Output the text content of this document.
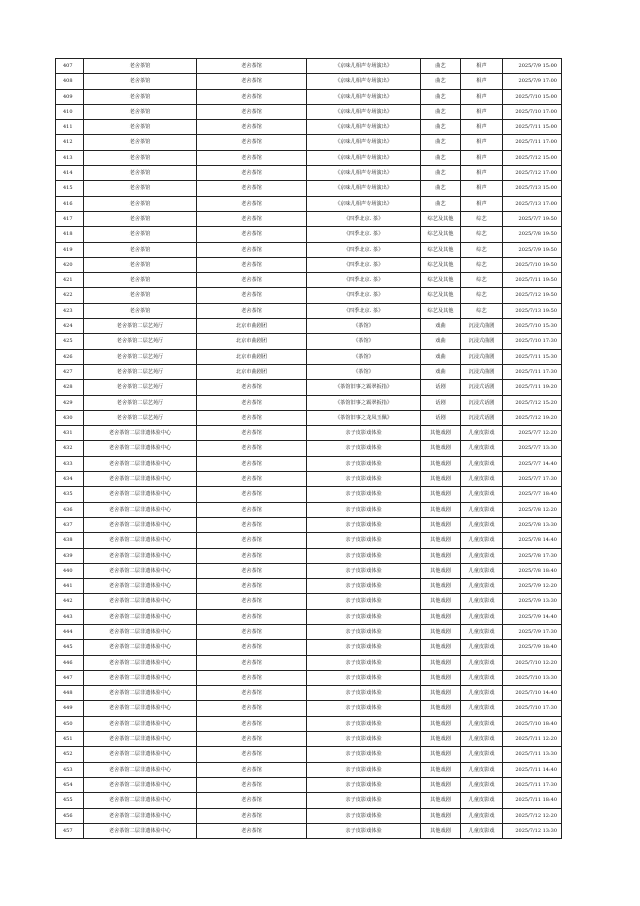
407	老舍茶馆	老舍茶馆	《京味儿相声专场演出》	曲艺	相声	2025/7/9 15:00
408	老舍茶馆	老舍茶馆	《京味儿相声专场演出》	曲艺	相声	2025/7/9 17:00
409	老舍茶馆	老舍茶馆	《京味儿相声专场演出》	曲艺	相声	2025/7/10 15:00
410	老舍茶馆	老舍茶馆	《京味儿相声专场演出》	曲艺	相声	2025/7/10 17:00
411	老舍茶馆	老舍茶馆	《京味儿相声专场演出》	曲艺	相声	2025/7/11 15:00
412	老舍茶馆	老舍茶馆	《京味儿相声专场演出》	曲艺	相声	2025/7/11 17:00
413	老舍茶馆	老舍茶馆	《京味儿相声专场演出》	曲艺	相声	2025/7/12 15:00
414	老舍茶馆	老舍茶馆	《京味儿相声专场演出》	曲艺	相声	2025/7/12 17:00
415	老舍茶馆	老舍茶馆	《京味儿相声专场演出》	曲艺	相声	2025/7/13 15:00
416	老舍茶馆	老舍茶馆	《京味儿相声专场演出》	曲艺	相声	2025/7/13 17:00
417	老舍茶馆	老舍茶馆	《四季北京. 茶》	综艺及其他	综艺	2025/7/7 19:50
418	老舍茶馆	老舍茶馆	《四季北京. 茶》	综艺及其他	综艺	2025/7/8 19:50
419	老舍茶馆	老舍茶馆	《四季北京. 茶》	综艺及其他	综艺	2025/7/9 19:50
420	老舍茶馆	老舍茶馆	《四季北京. 茶》	综艺及其他	综艺	2025/7/10 19:50
421	老舍茶馆	老舍茶馆	《四季北京. 茶》	综艺及其他	综艺	2025/7/11 19:50
422	老舍茶馆	老舍茶馆	《四季北京. 茶》	综艺及其他	综艺	2025/7/12 19:50
423	老舍茶馆	老舍茶馆	《四季北京. 茶》	综艺及其他	综艺	2025/7/13 19:50
424	老舍茶馆二层艺苑厅	北京市曲剧团	《茶馆》	戏曲	沉浸式曲剧	2025/7/10 15:30
425	老舍茶馆二层艺苑厅	北京市曲剧团	《茶馆》	戏曲	沉浸式曲剧	2025/7/10 17:30
426	老舍茶馆二层艺苑厅	北京市曲剧团	《茶馆》	戏曲	沉浸式曲剧	2025/7/11 15:30
427	老舍茶馆二层艺苑厅	北京市曲剧团	《茶馆》	戏曲	沉浸式曲剧	2025/7/11 17:30
428	老舍茶馆二层艺苑厅	老舍茶馆	《茶馆旧事之霸翠扳指》	话剧	沉浸式话剧	2025/7/11 19:20
429	老舍茶馆二层艺苑厅	老舍茶馆	《茶馆旧事之霸翠扳指》	话剧	沉浸式话剧	2025/7/12 15:20
430	老舍茶馆二层艺苑厅	老舍茶馆	《茶馆旧事之龙凤玉佩》	话剧	沉浸式话剧	2025/7/12 19:20
431	老舍茶馆二层非遗体验中心	老舍茶馆	亲子皮影戏体验	其他戏剧	儿童皮影戏	2025/7/7 12:20
432	老舍茶馆二层非遗体验中心	老舍茶馆	亲子皮影戏体验	其他戏剧	儿童皮影戏	2025/7/7 13:30
433	老舍茶馆二层非遗体验中心	老舍茶馆	亲子皮影戏体验	其他戏剧	儿童皮影戏	2025/7/7 14:40
434	老舍茶馆二层非遗体验中心	老舍茶馆	亲子皮影戏体验	其他戏剧	儿童皮影戏	2025/7/7 17:30
435	老舍茶馆二层非遗体验中心	老舍茶馆	亲子皮影戏体验	其他戏剧	儿童皮影戏	2025/7/7 18:40
436	老舍茶馆二层非遗体验中心	老舍茶馆	亲子皮影戏体验	其他戏剧	儿童皮影戏	2025/7/8 12:20
437	老舍茶馆二层非遗体验中心	老舍茶馆	亲子皮影戏体验	其他戏剧	儿童皮影戏	2025/7/8 13:30
438	老舍茶馆二层非遗体验中心	老舍茶馆	亲子皮影戏体验	其他戏剧	儿童皮影戏	2025/7/8 14:40
439	老舍茶馆二层非遗体验中心	老舍茶馆	亲子皮影戏体验	其他戏剧	儿童皮影戏	2025/7/8 17:30
440	老舍茶馆二层非遗体验中心	老舍茶馆	亲子皮影戏体验	其他戏剧	儿童皮影戏	2025/7/8 18:40
441	老舍茶馆二层非遗体验中心	老舍茶馆	亲子皮影戏体验	其他戏剧	儿童皮影戏	2025/7/9 12:20
442	老舍茶馆二层非遗体验中心	老舍茶馆	亲子皮影戏体验	其他戏剧	儿童皮影戏	2025/7/9 13:30
443	老舍茶馆二层非遗体验中心	老舍茶馆	亲子皮影戏体验	其他戏剧	儿童皮影戏	2025/7/9 14:40
444	老舍茶馆二层非遗体验中心	老舍茶馆	亲子皮影戏体验	其他戏剧	儿童皮影戏	2025/7/9 17:30
445	老舍茶馆二层非遗体验中心	老舍茶馆	亲子皮影戏体验	其他戏剧	儿童皮影戏	2025/7/9 18:40
446	老舍茶馆二层非遗体验中心	老舍茶馆	亲子皮影戏体验	其他戏剧	儿童皮影戏	2025/7/10 12:20
447	老舍茶馆二层非遗体验中心	老舍茶馆	亲子皮影戏体验	其他戏剧	儿童皮影戏	2025/7/10 13:30
448	老舍茶馆二层非遗体验中心	老舍茶馆	亲子皮影戏体验	其他戏剧	儿童皮影戏	2025/7/10 14:40
449	老舍茶馆二层非遗体验中心	老舍茶馆	亲子皮影戏体验	其他戏剧	儿童皮影戏	2025/7/10 17:30
450	老舍茶馆二层非遗体验中心	老舍茶馆	亲子皮影戏体验	其他戏剧	儿童皮影戏	2025/7/10 18:40
451	老舍茶馆二层非遗体验中心	老舍茶馆	亲子皮影戏体验	其他戏剧	儿童皮影戏	2025/7/11 12:20
452	老舍茶馆二层非遗体验中心	老舍茶馆	亲子皮影戏体验	其他戏剧	儿童皮影戏	2025/7/11 13:30
453	老舍茶馆二层非遗体验中心	老舍茶馆	亲子皮影戏体验	其他戏剧	儿童皮影戏	2025/7/11 14:40
454	老舍茶馆二层非遗体验中心	老舍茶馆	亲子皮影戏体验	其他戏剧	儿童皮影戏	2025/7/11 17:30
455	老舍茶馆二层非遗体验中心	老舍茶馆	亲子皮影戏体验	其他戏剧	儿童皮影戏	2025/7/11 18:40
456	老舍茶馆二层非遗体验中心	老舍茶馆	亲子皮影戏体验	其他戏剧	儿童皮影戏	2025/7/12 12:20
457	老舍茶馆二层非遗体验中心	老舍茶馆	亲子皮影戏体验	其他戏剧	儿童皮影戏	2025/7/12 13:30
